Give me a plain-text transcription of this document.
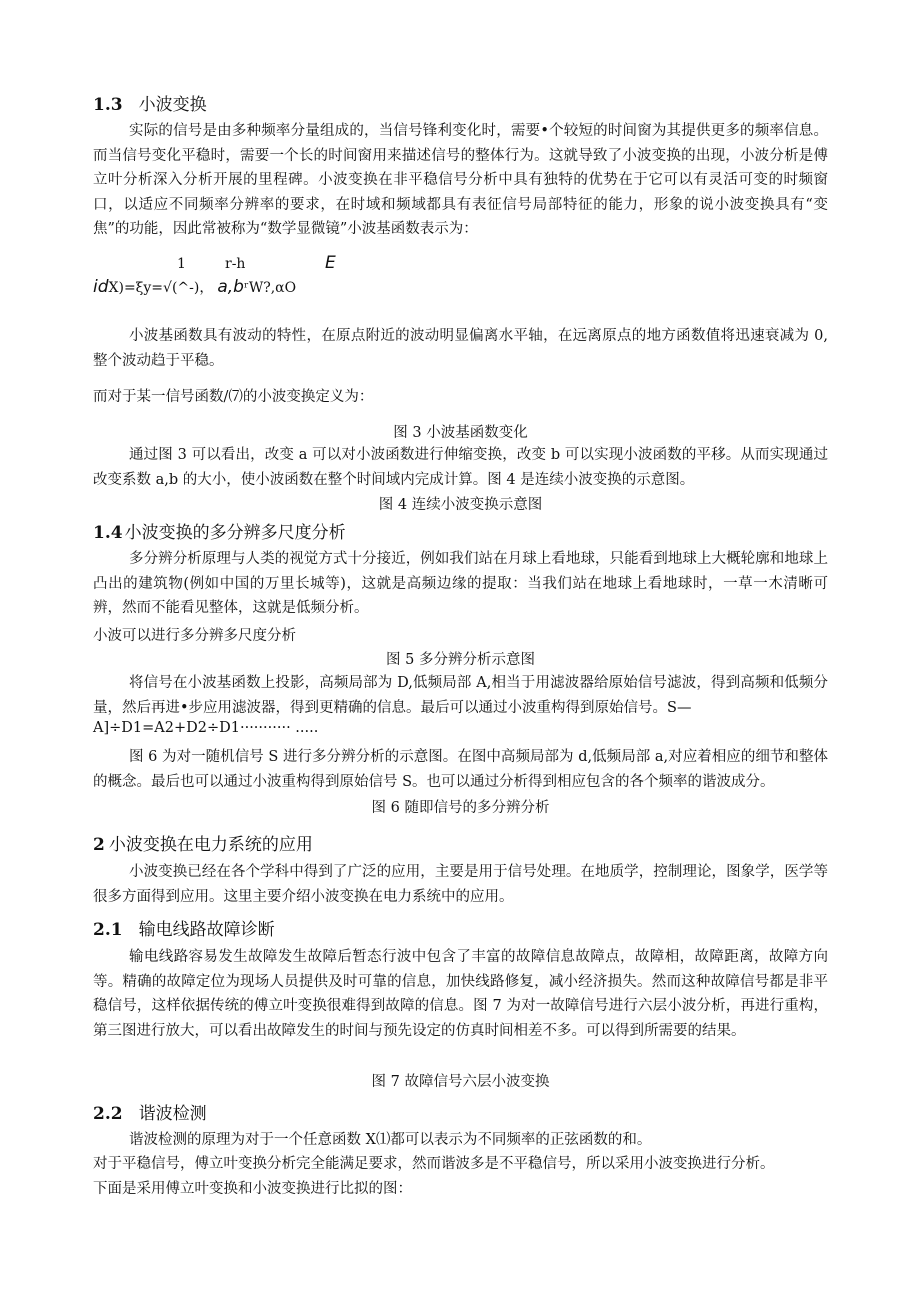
1.3 小波变换
实际的信号是由多种频率分量组成的，当信号锋利变化时，需要•个较短的时间窗为其提供更多的频率信息。而当信号变化平稳时，需要一个长的时间窗用来描述信号的整体行为。这就导致了小波变换的出现，小波分析是傅立叶分析深入分析开展的里程碑。小波变换在非平稳信号分析中具有独特的优势在于它可以有灵活可变的时频窗口，以适应不同频率分辨率的要求，在时域和频域都具有表征信号局部特征的能力，形象的说小波变换具有“变焦”的功能，因此常被称为“数学显微镜”小波基函数表示为：
1	r-h	E
idX)=ξy=√(^-)， a,bʳW?,αO
小波基函数具有波动的特性，在原点附近的波动明显偏离水平轴，在远离原点的地方函数值将迅速衰减为 0,整个波动趋于平稳。
而对于某一信号函数/⑺的小波变换定义为：
图 3 小波基函数变化
通过图 3 可以看出，改变 a 可以对小波函数进行伸缩变换，改变 b 可以实现小波函数的平移。从而实现通过改变系数 a,b 的大小，使小波函数在整个时间域内完成计算。图 4 是连续小波变换的示意图。
图 4 连续小波变换示意图
1.4 小波变换的多分辨多尺度分析
多分辨分析原理与人类的视觉方式十分接近，例如我们站在月球上看地球，只能看到地球上大概轮廓和地球上凸出的建筑物(例如中国的万里长城等)，这就是高频边缘的提取：当我们站在地球上看地球时，一草一木清晰可辨，然而不能看见整体，这就是低频分析。
小波可以进行多分辨多尺度分析
图 5 多分辨分析示意图
将信号在小波基函数上投影，高频局部为 D,低频局部 A,相当于用滤波器给原始信号滤波，得到高频和低频分量，然后再进•步应用滤波器，得到更精确的信息。最后可以通过小波重构得到原始信号。S—
A]÷D1=A2+D2÷D1··········· .....
图 6 为对一随机信号 S 进行多分辨分析的示意图。在图中高频局部为 d,低频局部 a,对应着相应的细节和整体的概念。最后也可以通过小波重构得到原始信号 S。也可以通过分析得到相应包含的各个频率的谐波成分。
图 6 随即信号的多分辨分析
2 小波变换在电力系统的应用
小波变换已经在各个学科中得到了广泛的应用，主要是用于信号处理。在地质学，控制理论，图象学，医学等很多方面得到应用。这里主要介绍小波变换在电力系统中的应用。
2.1 输电线路故障诊断
输电线路容易发生故障发生故障后暂态行波中包含了丰富的故障信息故障点，故障相，故障距离，故障方向等。精确的故障定位为现场人员提供及时可靠的信息，加快线路修复，减小经济损失。然而这种故障信号都是非平稳信号，这样依据传统的傅立叶变换很难得到故障的信息。图 7 为对一故障信号进行六层小波分析，再进行重构，第三图进行放大，可以看出故障发生的时间与预先设定的仿真时间相差不多。可以得到所需要的结果。
图 7 故障信号六层小波变换
2.2 谐波检测
谐波检测的原理为对于一个任意函数 X⑴都可以表示为不同频率的正弦函数的和。
对于平稳信号，傅立叶变换分析完全能满足要求，然而谐波多是不平稳信号，所以采用小波变换进行分析。
下面是采用傅立叶变换和小波变换进行比拟的图：
